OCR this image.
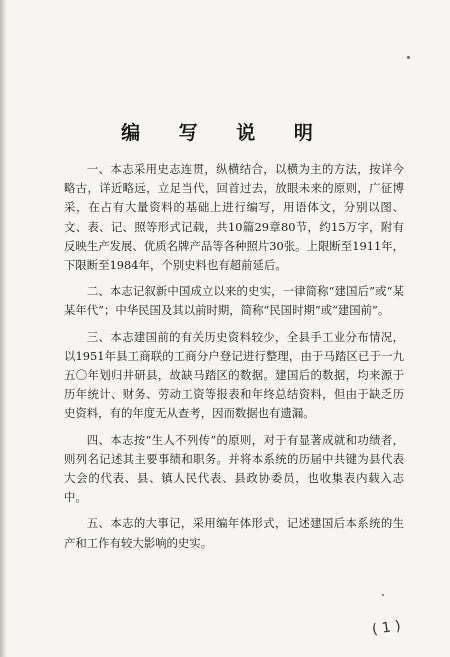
编 写 说 明

一、本志采用史志连贯，纵横结合，以横为主的方法，按详今略古，详近略远，立足当代，回首过去，放眼未来的原则，广征博采，在占有大量资料的基础上进行编写，用语体文，分别以图、文、表、记、照等形式记载，共10篇29章80节，约15万字，附有反映生产发展、优质名牌产品等各种照片30张。上限断至1911年，下限断至1984年，个别史料也有超前延后。

二、本志记叙新中国成立以来的史实，一律简称“建国后”或“某某年代”；中华民国及其以前时期，简称“民国时期”或“建国前”。

三、本志建国前的有关历史资料较少，全县手工业分布情况，以1951年县工商联的工商分户登记进行整理，由于马踏区已于一九五〇年划归井研县，故缺马踏区的数据。建国后的数据，均来源于历年统计、财务、劳动工资等报表和年终总结资料，但由于缺乏历史资料，有的年度无从查考，因而数据也有遗漏。

四、本志按“生人不列传”的原则，对于有显著成就和功绩者，则列名记述其主要事绩和职务。并将本系统的历届中共键为县代表大会的代表、县、镇人民代表、县政协委员，也收集表内载入志中。

五、本志的大事记，采用编年体形式，记述建国后本系统的生产和工作有较大影响的史实。

( 1 )
